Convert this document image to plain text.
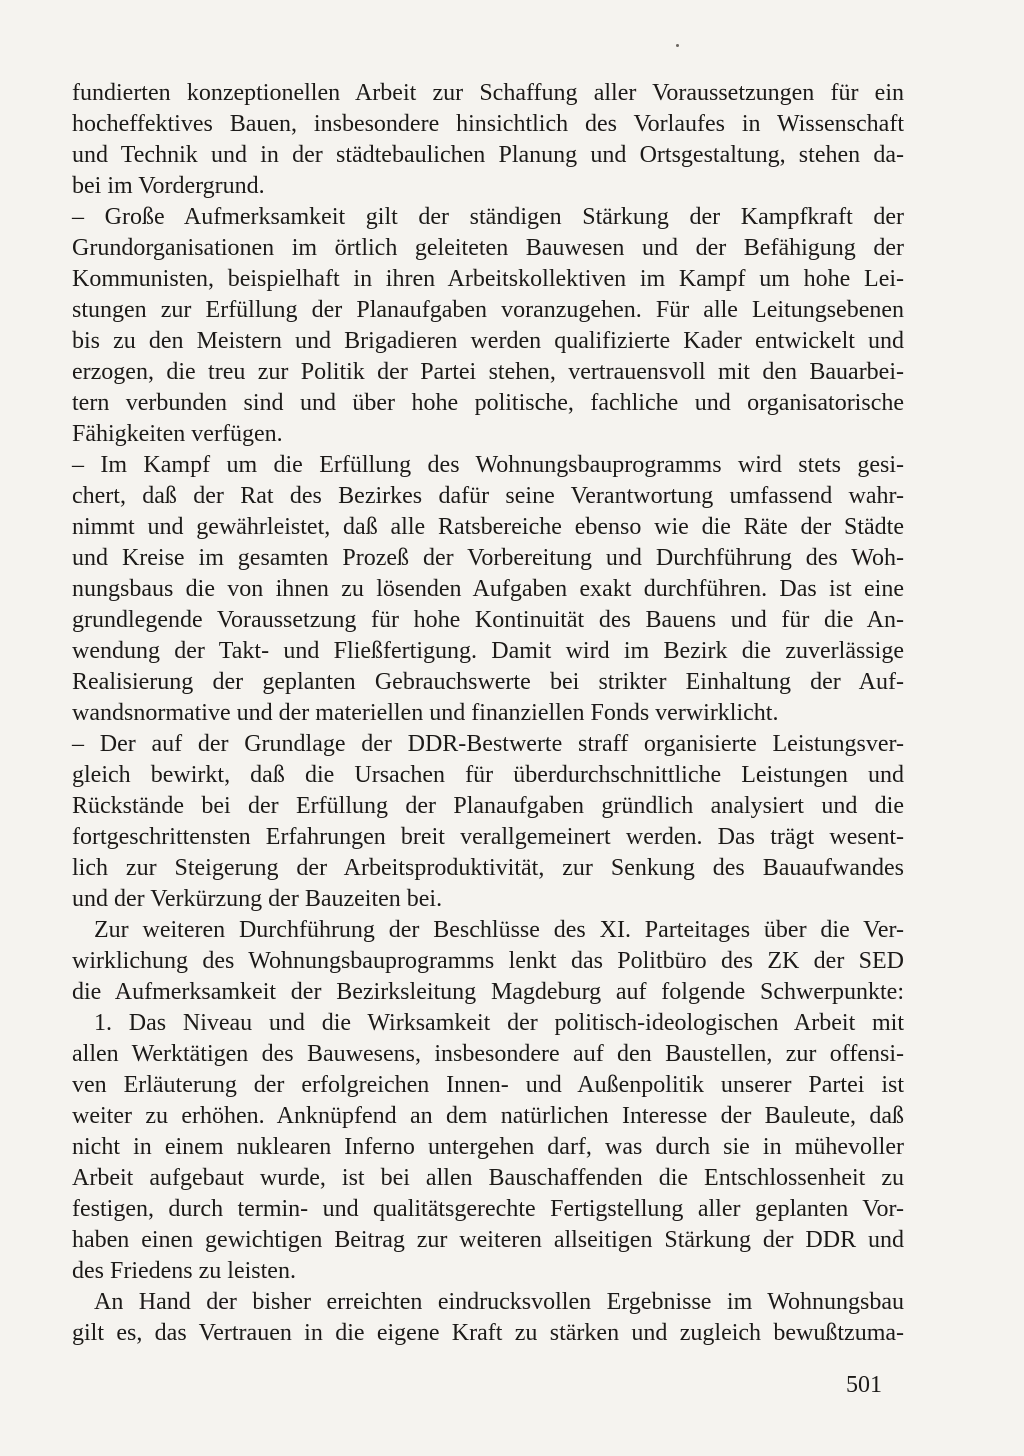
fundierten konzeptionellen Arbeit zur Schaffung aller Voraussetzungen für ein
hocheffektives Bauen, insbesondere hinsichtlich des Vorlaufes in Wissenschaft
und Technik und in der städtebaulichen Planung und Ortsgestaltung, stehen da-
bei im Vordergrund.
– Große Aufmerksamkeit gilt der ständigen Stärkung der Kampfkraft der
Grundorganisationen im örtlich geleiteten Bauwesen und der Befähigung der
Kommunisten, beispielhaft in ihren Arbeitskollektiven im Kampf um hohe Lei-
stungen zur Erfüllung der Planaufgaben voranzugehen. Für alle Leitungsebenen
bis zu den Meistern und Brigadieren werden qualifizierte Kader entwickelt und
erzogen, die treu zur Politik der Partei stehen, vertrauensvoll mit den Bauarbei-
tern verbunden sind und über hohe politische, fachliche und organisatorische
Fähigkeiten verfügen.
– Im Kampf um die Erfüllung des Wohnungsbauprogramms wird stets gesi-
chert, daß der Rat des Bezirkes dafür seine Verantwortung umfassend wahr-
nimmt und gewährleistet, daß alle Ratsbereiche ebenso wie die Räte der Städte
und Kreise im gesamten Prozeß der Vorbereitung und Durchführung des Woh-
nungsbaus die von ihnen zu lösenden Aufgaben exakt durchführen. Das ist eine
grundlegende Voraussetzung für hohe Kontinuität des Bauens und für die An-
wendung der Takt- und Fließfertigung. Damit wird im Bezirk die zuverlässige
Realisierung der geplanten Gebrauchswerte bei strikter Einhaltung der Auf-
wandsnormative und der materiellen und finanziellen Fonds verwirklicht.
– Der auf der Grundlage der DDR-Bestwerte straff organisierte Leistungsver-
gleich bewirkt, daß die Ursachen für überdurchschnittliche Leistungen und
Rückstände bei der Erfüllung der Planaufgaben gründlich analysiert und die
fortgeschrittensten Erfahrungen breit verallgemeinert werden. Das trägt wesent-
lich zur Steigerung der Arbeitsproduktivität, zur Senkung des Bauaufwandes
und der Verkürzung der Bauzeiten bei.
Zur weiteren Durchführung der Beschlüsse des XI. Parteitages über die Ver-
wirklichung des Wohnungsbauprogramms lenkt das Politbüro des ZK der SED
die Aufmerksamkeit der Bezirksleitung Magdeburg auf folgende Schwerpunkte:
1. Das Niveau und die Wirksamkeit der politisch-ideologischen Arbeit mit
allen Werktätigen des Bauwesens, insbesondere auf den Baustellen, zur offensi-
ven Erläuterung der erfolgreichen Innen- und Außenpolitik unserer Partei ist
weiter zu erhöhen. Anknüpfend an dem natürlichen Interesse der Bauleute, daß
nicht in einem nuklearen Inferno untergehen darf, was durch sie in mühevoller
Arbeit aufgebaut wurde, ist bei allen Bauschaffenden die Entschlossenheit zu
festigen, durch termin- und qualitätsgerechte Fertigstellung aller geplanten Vor-
haben einen gewichtigen Beitrag zur weiteren allseitigen Stärkung der DDR und
des Friedens zu leisten.
An Hand der bisher erreichten eindrucksvollen Ergebnisse im Wohnungsbau
gilt es, das Vertrauen in die eigene Kraft zu stärken und zugleich bewußtzuma-
501
